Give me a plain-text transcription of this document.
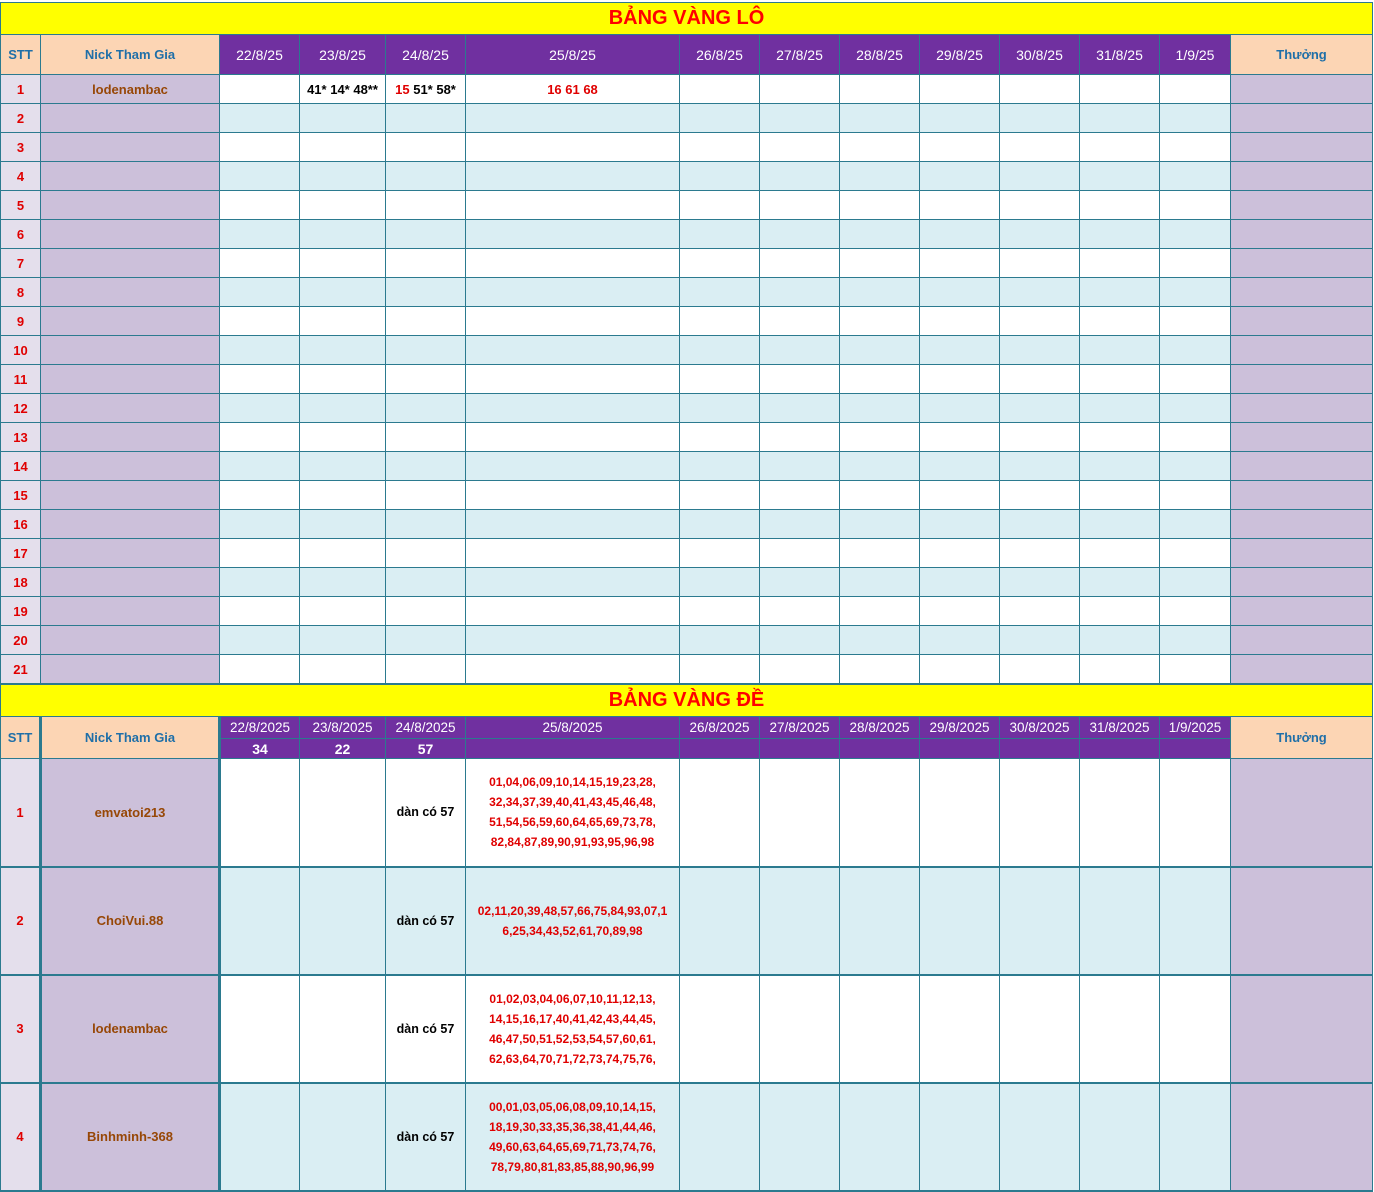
BẢNG VÀNG LÔ													
STT	Nick Tham Gia	22/8/25	23/8/25	24/8/25	25/8/25	26/8/25	27/8/25	28/8/25	29/8/25	30/8/25	31/8/25	1/9/25	Thưởng
1	lodenambac		41* 14* 48**	15 51* 58*	16 61 68								
2													
3													
4													
5													
6													
7													
8													
9													
10													
11													
12													
13													
14													
15													
16													
17													
18													
19													
20													
21													
BẢNG VÀNG ĐỀ													
STT	Nick Tham Gia	22/8/2025	23/8/2025	24/8/2025	25/8/2025	26/8/2025	27/8/2025	28/8/2025	29/8/2025	30/8/2025	31/8/2025	1/9/2025	Thưởng
		34	22	57									
1	emvatoi213			dàn có 57	01,04,06,09,10,14,15,19,23,28, 32,34,37,39,40,41,43,45,46,48, 51,54,56,59,60,64,65,69,73,78, 82,84,87,89,90,91,93,95,96,98								
2	ChoiVui.88			dàn có 57	02,11,20,39,48,57,66,75,84,93,07,1 6,25,34,43,52,61,70,89,98								
3	lodenambac			dàn có 57	01,02,03,04,06,07,10,11,12,13, 14,15,16,17,40,41,42,43,44,45, 46,47,50,51,52,53,54,57,60,61, 62,63,64,70,71,72,73,74,75,76,								
4	Binhminh-368			dàn có 57	00,01,03,05,06,08,09,10,14,15, 18,19,30,33,35,36,38,41,44,46, 49,60,63,64,65,69,71,73,74,76, 78,79,80,81,83,85,88,90,96,99								
